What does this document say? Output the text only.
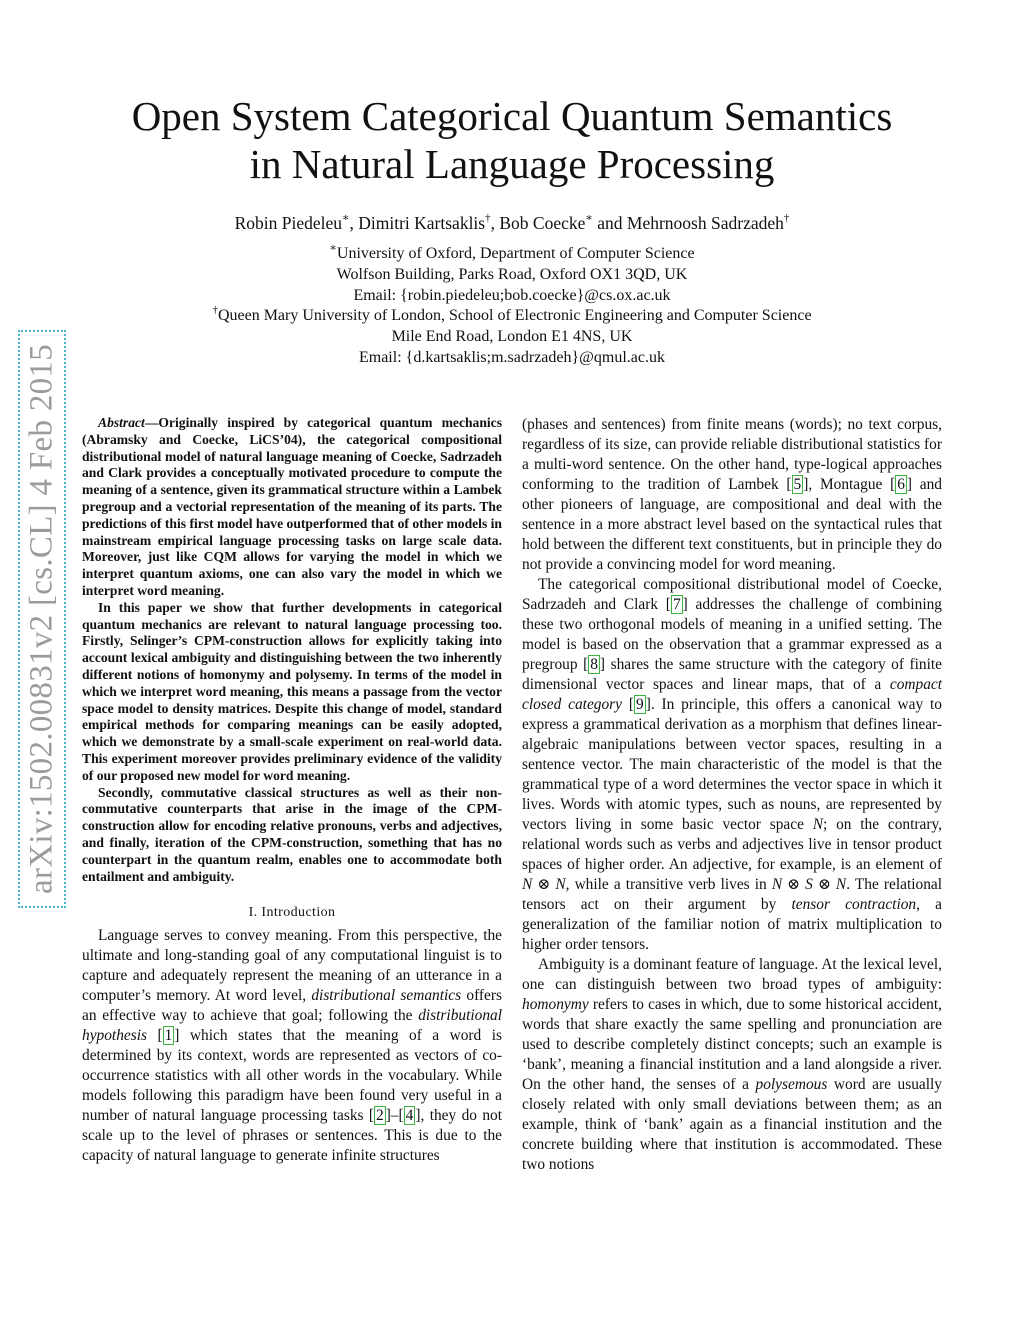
arXiv:1502.00831v2 [cs.CL] 4 Feb 2015
Open System Categorical Quantum Semantics
in Natural Language Processing
Robin Piedeleu∗, Dimitri Kartsaklis†, Bob Coecke∗ and Mehrnoosh Sadrzadeh†
∗University of Oxford, Department of Computer Science
Wolfson Building, Parks Road, Oxford OX1 3QD, UK
Email: {robin.piedeleu;bob.coecke}@cs.ox.ac.uk
†Queen Mary University of London, School of Electronic Engineering and Computer Science
Mile End Road, London E1 4NS, UK
Email: {d.kartsaklis;m.sadrzadeh}@qmul.ac.uk

Abstract—Originally inspired by categorical quantum mechanics (Abramsky and Coecke, LiCS’04), the categorical compositional distributional model of natural language meaning of Coecke, Sadrzadeh and Clark provides a conceptually motivated procedure to compute the meaning of a sentence, given its grammatical structure within a Lambek pregroup and a vectorial representation of the meaning of its parts. The predictions of this first model have outperformed that of other models in mainstream empirical language processing tasks on large scale data. Moreover, just like CQM allows for varying the model in which we interpret quantum axioms, one can also vary the model in which we interpret word meaning.

In this paper we show that further developments in categorical quantum mechanics are relevant to natural language processing too. Firstly, Selinger’s CPM-construction allows for explicitly taking into account lexical ambiguity and distinguishing between the two inherently different notions of homonymy and polysemy. In terms of the model in which we interpret word meaning, this means a passage from the vector space model to density matrices. Despite this change of model, standard empirical methods for comparing meanings can be easily adopted, which we demonstrate by a small-scale experiment on real-world data. This experiment moreover provides preliminary evidence of the validity of our proposed new model for word meaning.

Secondly, commutative classical structures as well as their non-commutative counterparts that arise in the image of the CPM-construction allow for encoding relative pronouns, verbs and adjectives, and finally, iteration of the CPM-construction, something that has no counterpart in the quantum realm, enables one to accommodate both entailment and ambiguity.

I. Introduction

Language serves to convey meaning. From this perspective, the ultimate and long-standing goal of any computational linguist is to capture and adequately represent the meaning of an utterance in a computer’s memory. At word level, distributional semantics offers an effective way to achieve that goal; following the distributional hypothesis [ 1 ] which states that the meaning of a word is determined by its context, words are represented as vectors of co-occurrence statistics with all other words in the vocabulary. While models following this paradigm have been found very useful in a number of natural language processing tasks [ 2 ]–[ 4 ], they do not scale up to the level of phrases or sentences. This is due to the capacity of natural language to generate infinite structures

(phases and sentences) from finite means (words); no text corpus, regardless of its size, can provide reliable distributional statistics for a multi-word sentence. On the other hand, type-logical approaches conforming to the tradition of Lambek [ 5 ], Montague [ 6 ] and other pioneers of language, are compositional and deal with the sentence in a more abstract level based on the syntactical rules that hold between the different text constituents, but in principle they do not provide a convincing model for word meaning.

The categorical compositional distributional model of Coecke, Sadrzadeh and Clark [ 7 ] addresses the challenge of combining these two orthogonal models of meaning in a unified setting. The model is based on the observation that a grammar expressed as a pregroup [ 8 ] shares the same structure with the category of finite dimensional vector spaces and linear maps, that of a compact closed category [ 9 ]. In principle, this offers a canonical way to express a grammatical derivation as a morphism that defines linear-algebraic manipulations between vector spaces, resulting in a sentence vector. The main characteristic of the model is that the grammatical type of a word determines the vector space in which it lives. Words with atomic types, such as nouns, are represented by vectors living in some basic vector space N; on the contrary, relational words such as verbs and adjectives live in tensor product spaces of higher order. An adjective, for example, is an element of N ⊗ N, while a transitive verb lives in N ⊗ S ⊗ N. The relational tensors act on their argument by tensor contraction, a generalization of the familiar notion of matrix multiplication to higher order tensors.

Ambiguity is a dominant feature of language. At the lexical level, one can distinguish between two broad types of ambiguity: homonymy refers to cases in which, due to some historical accident, words that share exactly the same spelling and pronunciation are used to describe completely distinct concepts; such an example is ‘bank’, meaning a financial institution and a land alongside a river. On the other hand, the senses of a polysemous word are usually closely related with only small deviations between them; as an example, think of ‘bank’ again as a financial institution and the concrete building where that institution is accommodated. These two notions
